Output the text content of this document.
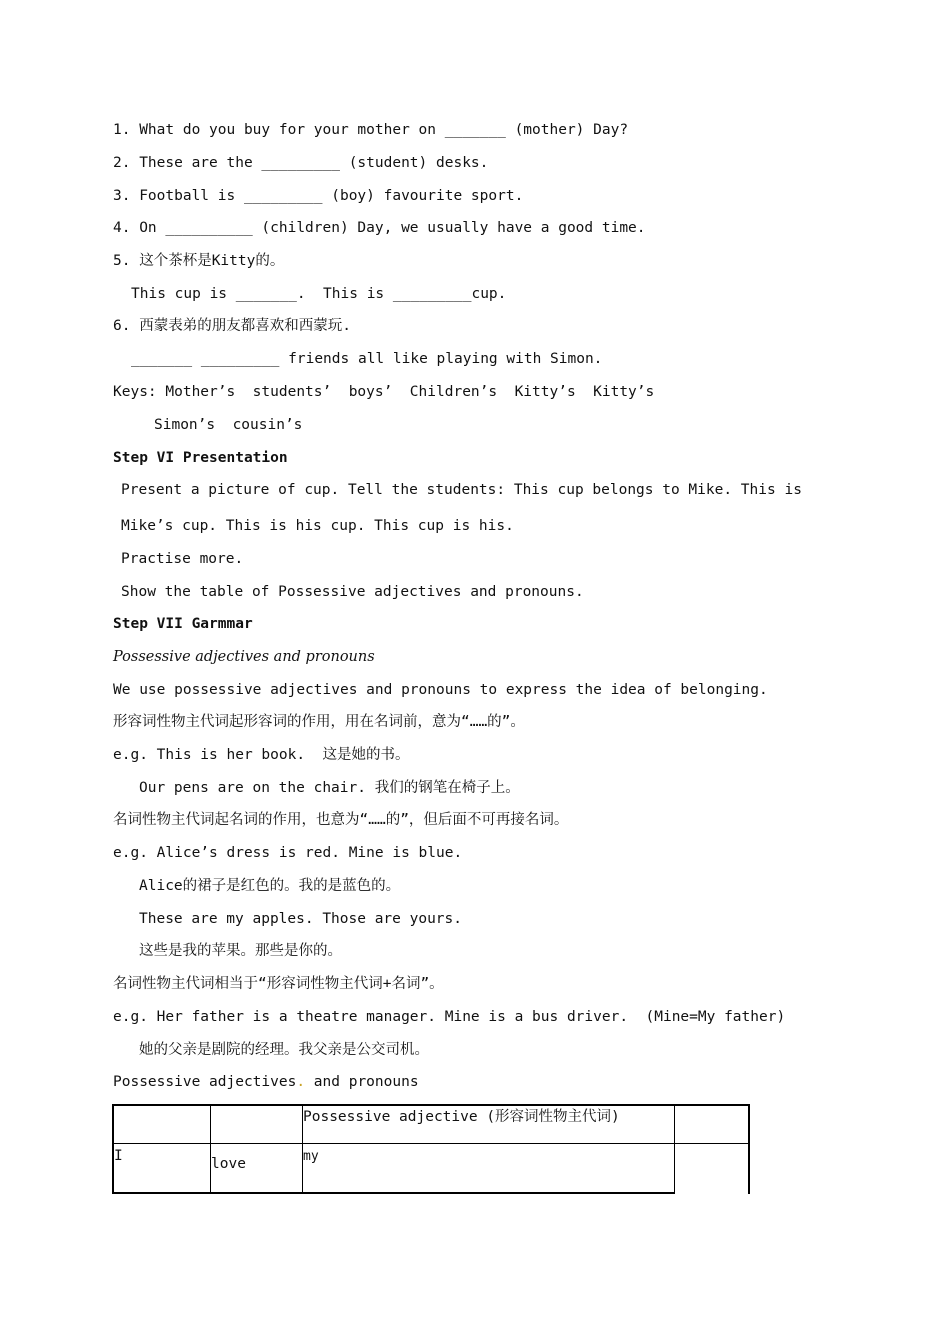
1. What do you buy for your mother on _______ (mother) Day?
2. These are the _________ (student) desks.
3. Football is _________ (boy) favourite sport.
4. On __________ (children) Day, we usually have a good time.
5. 这个茶杯是Kitty的。
This cup is _______.  This is _________cup.
6. 西蒙表弟的朋友都喜欢和西蒙玩.
_______ _________ friends all like playing with Simon.
Keys: Mother’s  students’  boys’  Children’s  Kitty’s  Kitty’s
Simon’s  cousin’s
Step VI Presentation
Present a picture of cup. Tell the students: This cup belongs to Mike. This is
Mike’s cup. This is his cup. This cup is his.
Practise more.
Show the table of Possessive adjectives and pronouns.
Step VII Garmmar
Possessive adjectives and pronouns
We use possessive adjectives and pronouns to express the idea of belonging.
形容词性物主代词起形容词的作用，用在名词前，意为“……的”。
e.g. This is her book.  这是她的书。
Our pens are on the chair. 我们的钢笔在椅子上。
名词性物主代词起名词的作用，也意为“……的”，但后面不可再接名词。
e.g. Alice’s dress is red. Mine is blue.
Alice的裙子是红色的。我的是蓝色的。
These are my apples. Those are yours.
这些是我的苹果。那些是你的。
名词性物主代词相当于“形容词性物主代词+名词”。
e.g. Her father is a theatre manager. Mine is a bus driver.  (Mine=My father)
她的父亲是剧院的经理。我父亲是公交司机。
Possessive adjectives. and pronouns
Possessive adjective (形容词性物主代词)
I	love	my
